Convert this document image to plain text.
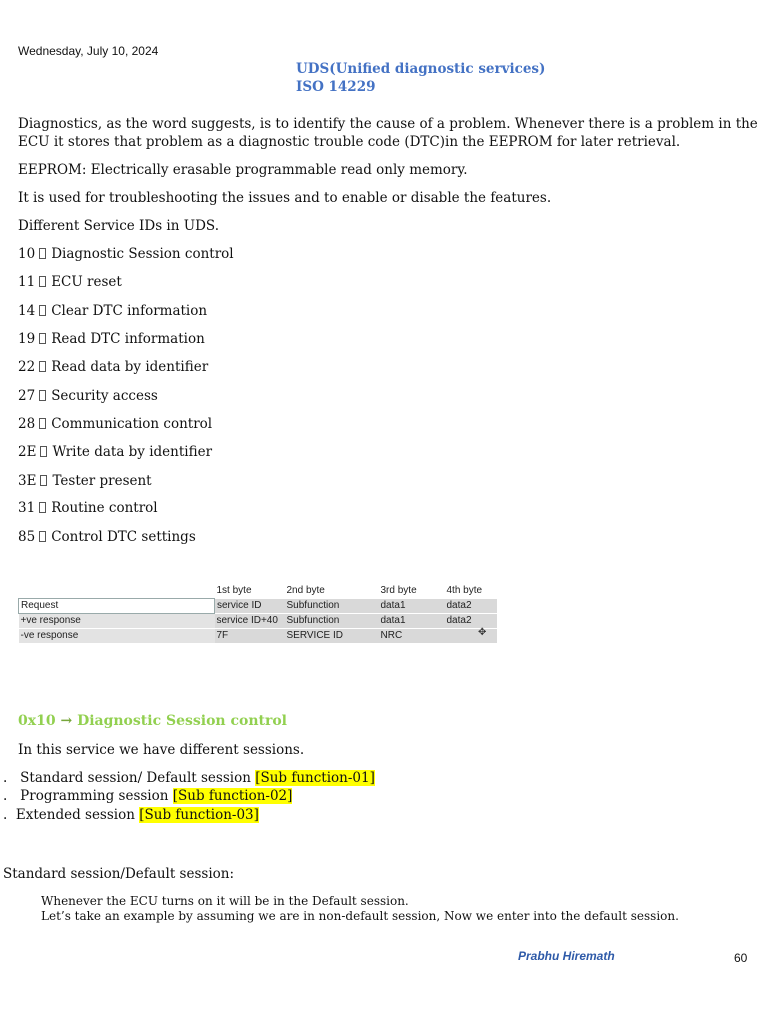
Wednesday, July 10, 2024
UDS(Unified diagnostic services)
ISO 14229
Diagnostics, as the word suggests, is to identify the cause of a problem. Whenever there is a problem in the
ECU it stores that problem as a diagnostic trouble code (DTC)in the EEPROM for later retrieval.
EEPROM: Electrically erasable programmable read only memory.
It is used for troubleshooting the issues and to enable or disable the features.
Different Service IDs in UDS.
10 Diagnostic Session control
11 ECU reset
14 Clear DTC information
19 Read DTC information
22 Read data by identifier
27 Security access
28 Communication control
2E Write data by identifier
3E Tester present
31 Routine control
85 Control DTC settings
	1st byte	2nd byte	3rd byte	4th byte
Request	service ID	Subfunction	data1	data2
+ve response	service ID+40	Subfunction	data1	data2
-ve response	7F	SERVICE ID	NRC		✥
0x10 → Diagnostic Session control
In this service we have different sessions.
.   Standard session/ Default session [Sub function-01]
.   Programming session [Sub function-02]
.  Extended session [Sub function-03]
Standard session/Default session:
Whenever the ECU turns on it will be in the Default session.
Let’s take an example by assuming we are in non-default session, Now we enter into the default session.
Prabhu Hiremath	60
